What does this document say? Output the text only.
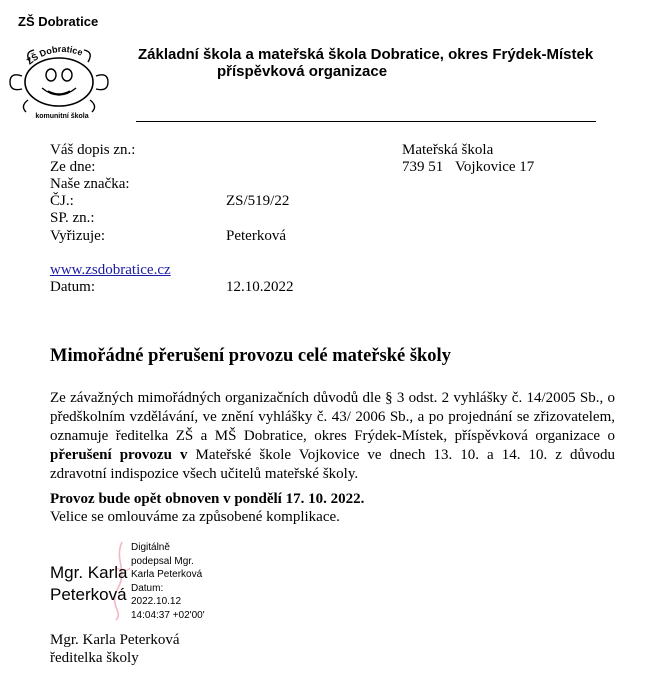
ZŠ Dobratice
ZŠ Dobratice
komunitní škola
Základní škola a mateřská škola Dobratice, okres Frýdek-Místek
příspěvková organizace
Váš dopis zn.:
Ze dne:
Naše značka:
ČJ.:
SP. zn.:
Vyřizuje:
www.zsdobratice.cz
Datum:
ZS/519/22
Peterková
12.10.2022
Mateřská škola
739 51 Vojkovice 17
Mimořádné přerušení provozu celé mateřské školy

Ze závažných mimořádných organizačních důvodů dle § 3 odst. 2 vyhlášky č. 14/2005 Sb., o předškolním vzdělávání, ve znění vyhlášky č. 43/ 2006 Sb., a po projednání se zřizovatelem, oznamuje ředitelka ZŠ a MŠ Dobratice, okres Frýdek-Místek, příspěvková organizace o přerušení provozu v Mateřské škole Vojkovice ve dnech 13. 10. a 14. 10. z důvodu zdravotní indispozice všech učitelů mateřské školy.

Provoz bude opět obnoven v pondělí 17. 10. 2022.
Velice se omlouváme za způsobené komplikace.
Mgr. Karla
Peterková
Digitálně
podepsal Mgr.
Karla Peterková
Datum:
2022.10.12
14:04:37 +02'00'
Mgr. Karla Peterková
ředitelka školy
